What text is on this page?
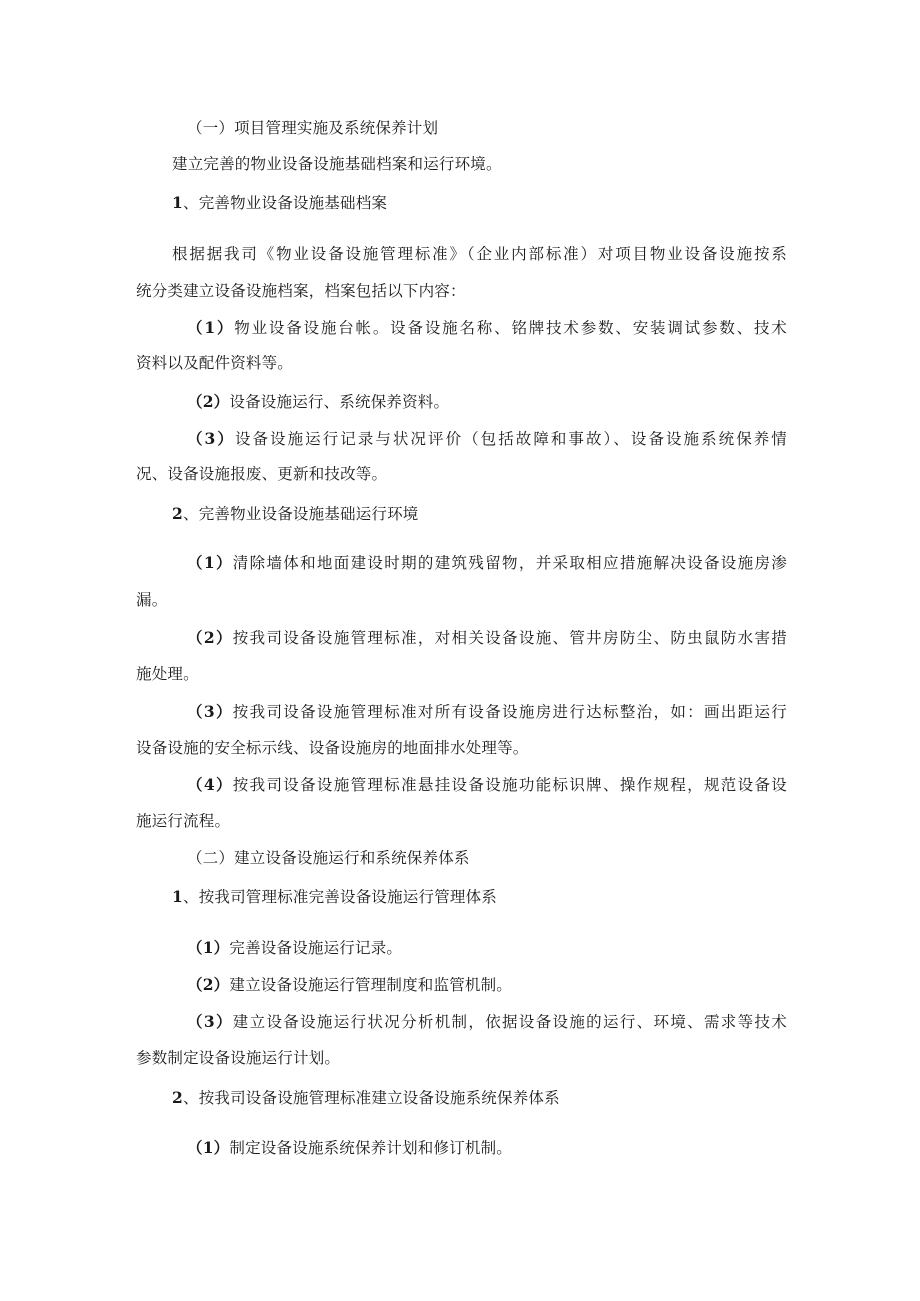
（一）项目管理实施及系统保养计划

建立完善的物业设备设施基础档案和运行环境。

1、完善物业设备设施基础档案

根据据我司《物业设备设施管理标准》（企业内部标准）对项目物业设备设施按系

统分类建立设备设施档案，档案包括以下内容：

（1）物业设备设施台帐。设备设施名称、铭牌技术参数、安装调试参数、技术

资料以及配件资料等。

（2）设备设施运行、系统保养资料。

（3）设备设施运行记录与状况评价（包括故障和事故）、设备设施系统保养情

况、设备设施报废、更新和技改等。

2、完善物业设备设施基础运行环境

（1）清除墙体和地面建设时期的建筑残留物，并采取相应措施解决设备设施房渗

漏。

（2）按我司设备设施管理标准，对相关设备设施、管井房防尘、防虫鼠防水害措

施处理。

（3）按我司设备设施管理标准对所有设备设施房进行达标整治，如：画出距运行

设备设施的安全标示线、设备设施房的地面排水处理等。

（4）按我司设备设施管理标准悬挂设备设施功能标识牌、操作规程，规范设备设

施运行流程。

（二）建立设备设施运行和系统保养体系

1、按我司管理标准完善设备设施运行管理体系

（1）完善设备设施运行记录。

（2）建立设备设施运行管理制度和监管机制。

（3）建立设备设施运行状况分析机制，依据设备设施的运行、环境、需求等技术

参数制定设备设施运行计划。

2、按我司设备设施管理标准建立设备设施系统保养体系

（1）制定设备设施系统保养计划和修订机制。
